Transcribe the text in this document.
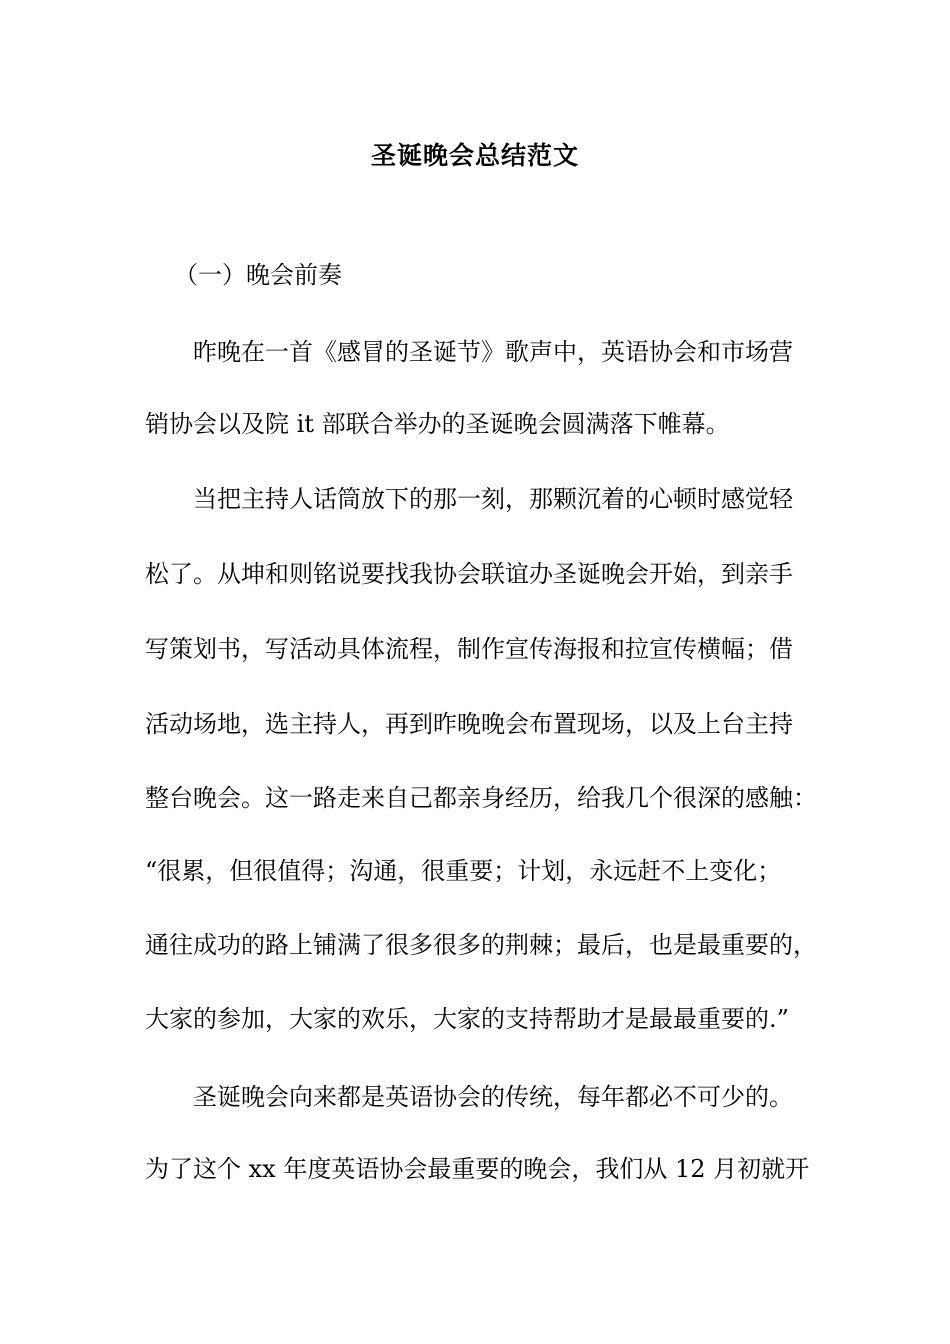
圣诞晚会总结范文
（一）晚会前奏
昨晚在一首《感冒的圣诞节》歌声中，英语协会和市场营
销协会以及院 it 部联合举办的圣诞晚会圆满落下帷幕。
当把主持人话筒放下的那一刻，那颗沉着的心顿时感觉轻
松了。从坤和则铭说要找我协会联谊办圣诞晚会开始，到亲手
写策划书，写活动具体流程，制作宣传海报和拉宣传横幅；借
活动场地，选主持人，再到昨晚晚会布置现场，以及上台主持
整台晚会。这一路走来自己都亲身经历，给我几个很深的感触：
“很累，但很值得；沟通，很重要；计划，永远赶不上变化；
通往成功的路上铺满了很多很多的荆棘；最后，也是最重要的，
大家的参加，大家的欢乐，大家的支持帮助才是最最重要的.”
圣诞晚会向来都是英语协会的传统，每年都必不可少的。
为了这个 xx 年度英语协会最重要的晚会，我们从 12 月初就开
